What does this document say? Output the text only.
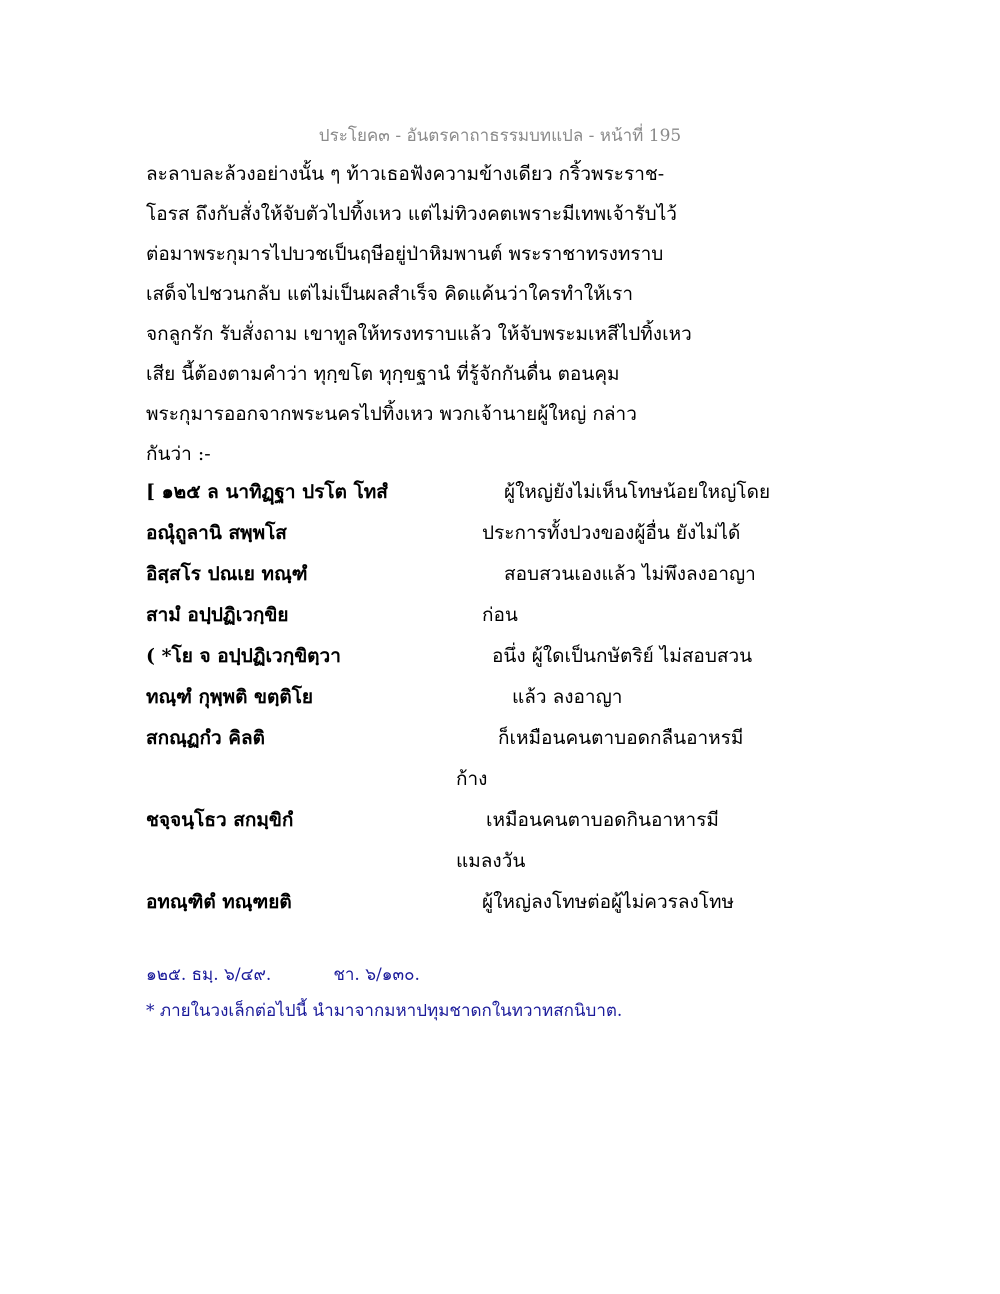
ประโยค๓ - อันตรคาถาธรรมบทแปล - หน้าที่ 195
ละลาบละล้วงอย่างนั้น ๆ ท้าวเธอฟังความข้างเดียว กริ้วพระราช-
โอรส ถึงกับสั่งให้จับตัวไปทิ้งเหว แต่ไม่ทิวงคตเพราะมีเทพเจ้ารับไว้
ต่อมาพระกุมารไปบวชเป็นฤษีอยู่ป่าหิมพานต์ พระราชาทรงทราบ
เสด็จไปชวนกลับ แต่ไม่เป็นผลสำเร็จ คิดแค้นว่าใครทำให้เรา
จกลูกรัก รับสั่งถาม เขาทูลให้ทรงทราบแล้ว ให้จับพระมเหสีไปทิ้งเหว
เสีย นี้ต้องตามคำว่า ทุกฺขโต ทุกฺขฐานํ ที่รู้จักกันดื่น ตอนคุม
พระกุมารออกจากพระนครไปทิ้งเหว พวกเจ้านายผู้ใหญ่ กล่าว
กันว่า :-
[ ๑๒๕ ล นาทิฏฺฐา ปรโต โทสํ	ผู้ใหญ่ยังไม่เห็นโทษน้อยใหญ่โดย
อณุํถูลานิ สพฺพโส	ประการทั้งปวงของผู้อื่น ยังไม่ได้
อิสฺสโร ปณเย ทณฺฑํ	สอบสวนเองแล้ว ไม่พึงลงอาญา
สามํ อปฺปฏิเวกฺขิย	ก่อน
( *โย จ อปฺปฏิเวกฺขิตฺวา	อนึ่ง ผู้ใดเป็นกษัตริย์ ไม่สอบสวน
ทณฺฑํ กุพฺพติ ขตฺติโย	แล้ว ลงอาญา
สกณฺฏกํว คิลติ	ก็เหมือนคนตาบอดกลืนอาหรมี
ก้าง
ชจฺจนฺโธว สกมฺขิกํ	เหมือนคนตาบอดกินอาหารมี
แมลงวัน
อทณฺฑิตํ ทณฺฑยติ	ผู้ใหญ่ลงโทษต่อผู้ไม่ควรลงโทษ
๑๒๕. ธมฺ. ๖/๔๙.	ชา. ๖/๑๓๐.
* ภายในวงเล็กต่อไปนี้ นำมาจากมหาปทุมชาดกในทวาทสกนิบาต.
